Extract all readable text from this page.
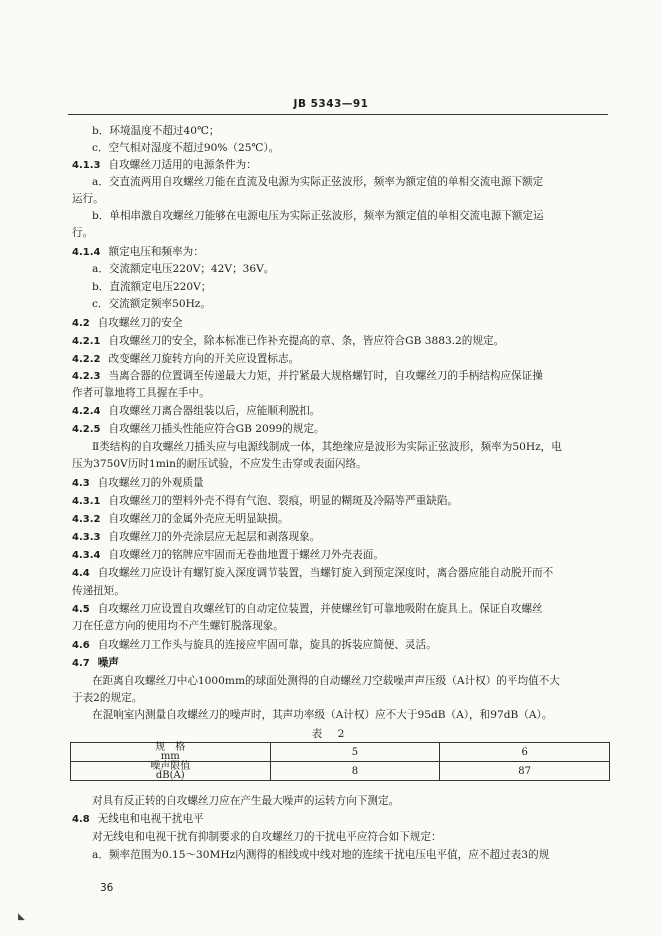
JB 5343—91
b．环境温度不超过40℃；
c．空气相对湿度不超过90%（25℃）。
4.1.3 自攻螺丝刀适用的电源条件为：
a．交直流两用自攻螺丝刀能在直流及电源为实际正弦波形，频率为额定值的单相交流电源下额定
运行。
b．单相串激自攻螺丝刀能够在电源电压为实际正弦波形，频率为额定值的单相交流电源下额定运
行。
4.1.4 额定电压和频率为：
a．交流额定电压220V；42V；36V。
b．直流额定电压220V；
c．交流额定频率50Hz。
4.2 自攻螺丝刀的安全
4.2.1 自攻螺丝刀的安全，除本标准已作补充提高的章、条，皆应符合GB 3883.2的规定。
4.2.2 改变螺丝刀旋转方向的开关应设置标志。
4.2.3 当离合器的位置调至传递最大力矩，并拧紧最大规格螺钉时，自攻螺丝刀的手柄结构应保证操
作者可靠地将工具握在手中。
4.2.4 自攻螺丝刀离合器组装以后，应能顺利脱扣。
4.2.5 自攻螺丝刀插头性能应符合GB 2099的规定。
Ⅱ类结构的自攻螺丝刀插头应与电源线制成一体，其绝缘应是波形为实际正弦波形，频率为50Hz，电
压为3750V历时1min的耐压试验，不应发生击穿或表面闪络。
4.3 自攻螺丝刀的外观质量
4.3.1 自攻螺丝刀的塑料外壳不得有气泡、裂痕，明显的糊斑及冷隔等严重缺陷。
4.3.2 自攻螺丝刀的金属外壳应无明显缺损。
4.3.3 自攻螺丝刀的外壳涂层应无起层和剥落现象。
4.3.4 自攻螺丝刀的铭牌应牢固而无卷曲地置于螺丝刀外壳表面。
4.4 自攻螺丝刀应设计有螺钉旋入深度调节装置，当螺钉旋入到预定深度时，离合器应能自动脱开而不
传递扭矩。
4.5 自攻螺丝刀应设置自攻螺丝钉的自动定位装置，并使螺丝钉可靠地吸附在旋具上。保证自攻螺丝
刀在任意方向的使用均不产生螺钉脱落现象。
4.6 自攻螺丝刀工作头与旋具的连接应牢固可靠，旋具的拆装应简便、灵活。
4.7 噪声
在距离自攻螺丝刀中心1000mm的球面处测得的自动螺丝刀空载噪声声压级（A计权）的平均值不大
于表2的规定。
在混响室内测量自攻螺丝刀的噪声时，其声功率级（A计权）应不大于95dB（A），和97dB（A）。
表 2
规　格
mm	5	6

噪声限值
dB(A)	8	87
对具有反正转的自攻螺丝刀应在产生最大噪声的运转方向下测定。
4.8 无线电和电视干扰电平
对无线电和电视干扰有抑制要求的自攻螺丝刀的干扰电平应符合如下规定：
a．频率范围为0.15～30MHz内测得的相线或中线对地的连续干扰电压电平值，应不超过表3的规
36
◣
